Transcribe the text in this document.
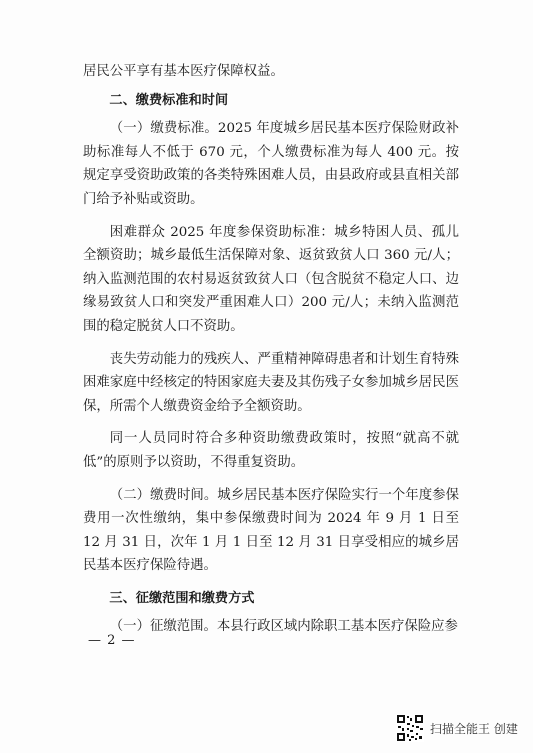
居民公平享有基本医疗保障权益。

二、缴费标准和时间

（一）缴费标准。2025 年度城乡居民基本医疗保险财政补助标准每人不低于 670 元，个人缴费标准为每人 400 元。按规定享受资助政策的各类特殊困难人员，由县政府或县直相关部门给予补贴或资助。

困难群众 2025 年度参保资助标准：城乡特困人员、孤儿全额资助；城乡最低生活保障对象、返贫致贫人口 360 元/人；纳入监测范围的农村易返贫致贫人口（包含脱贫不稳定人口、边缘易致贫人口和突发严重困难人口）200 元/人；未纳入监测范围的稳定脱贫人口不资助。

丧失劳动能力的残疾人、严重精神障碍患者和计划生育特殊困难家庭中经核定的特困家庭夫妻及其伤残子女参加城乡居民医保，所需个人缴费资金给予全额资助。

同一人员同时符合多种资助缴费政策时，按照“就高不就低”的原则予以资助，不得重复资助。

（二）缴费时间。城乡居民基本医疗保险实行一个年度参保费用一次性缴纳，集中参保缴费时间为 2024 年 9 月 1 日至 12 月 31 日，次年 1 月 1 日至 12 月 31 日享受相应的城乡居民基本医疗保险待遇。

三、征缴范围和缴费方式

（一）征缴范围。本县行政区域内除职工基本医疗保险应参

— 2 —
扫描全能王 创建
